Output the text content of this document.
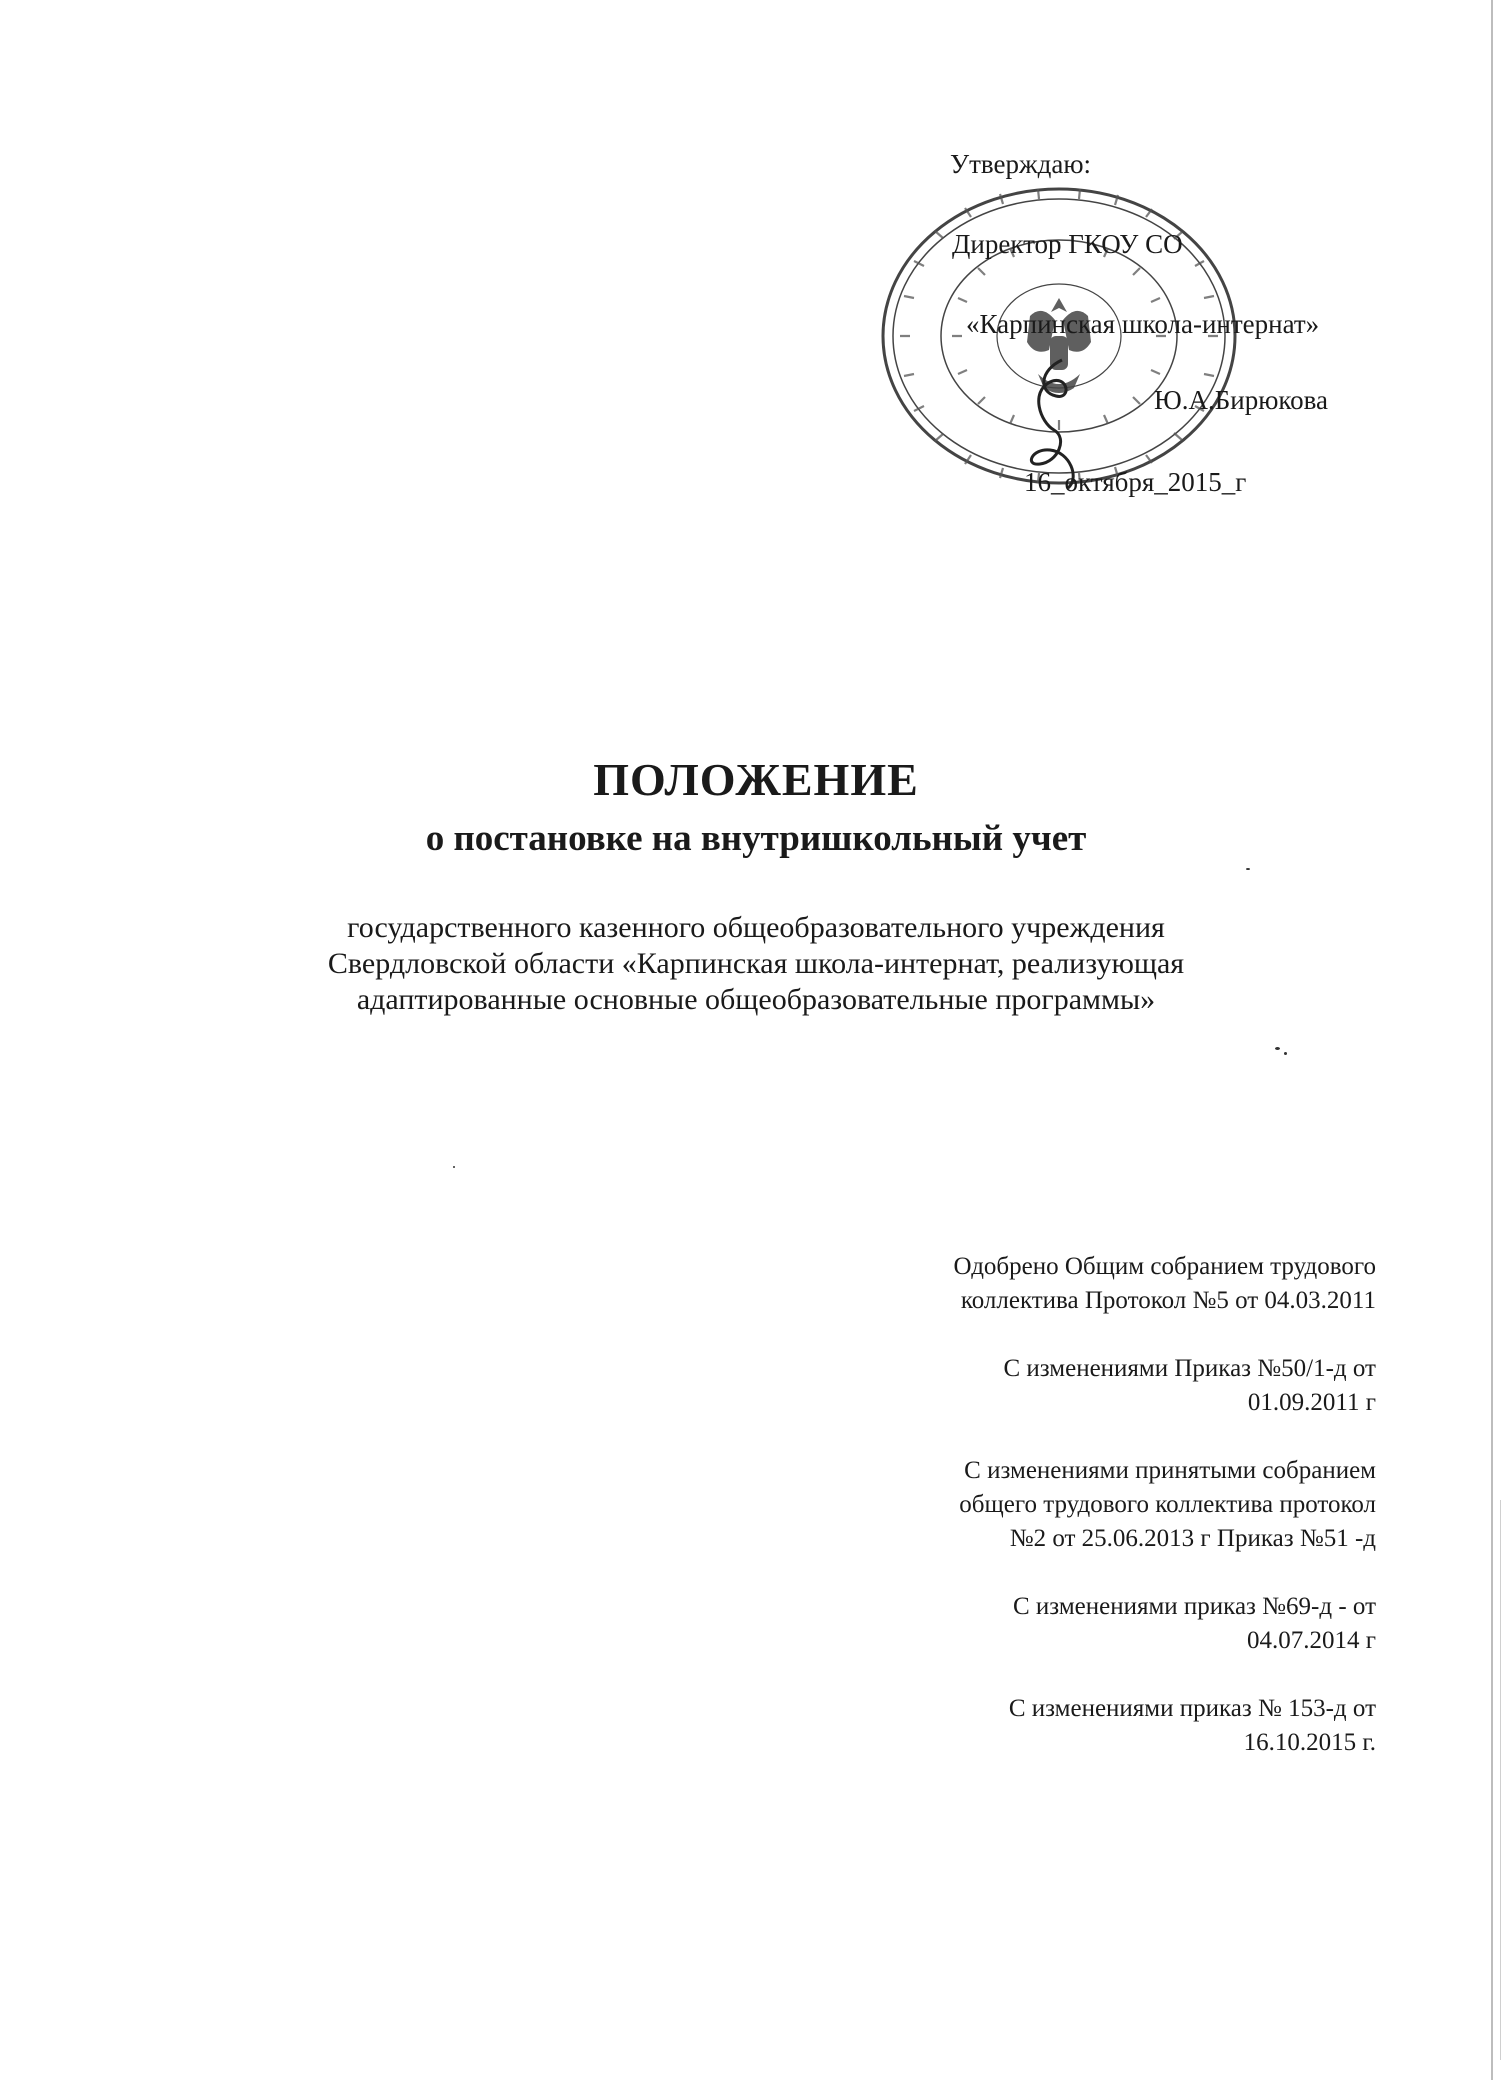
Утверждаю:
Директор ГКОУ СО
«Карпинская школа-интернат»
Ю.А.Бирюкова
16_октября_2015_г
ПОЛОЖЕНИЕ
о постановке на внутришкольный учет
государственного казенного общеобразовательного учреждения
Свердловской области «Карпинская школа-интернат, реализующая
адаптированные основные общеобразовательные программы»
Одобрено Общим собранием трудового
коллектива Протокол №5 от 04.03.2011
С изменениями Приказ №50/1-д от
01.09.2011 г
С изменениями принятыми собранием
общего трудового коллектива протокол
№2 от 25.06.2013 г Приказ №51 -д
С изменениями приказ №69-д - от
04.07.2014 г
С изменениями приказ № 153-д от
16.10.2015 г.
